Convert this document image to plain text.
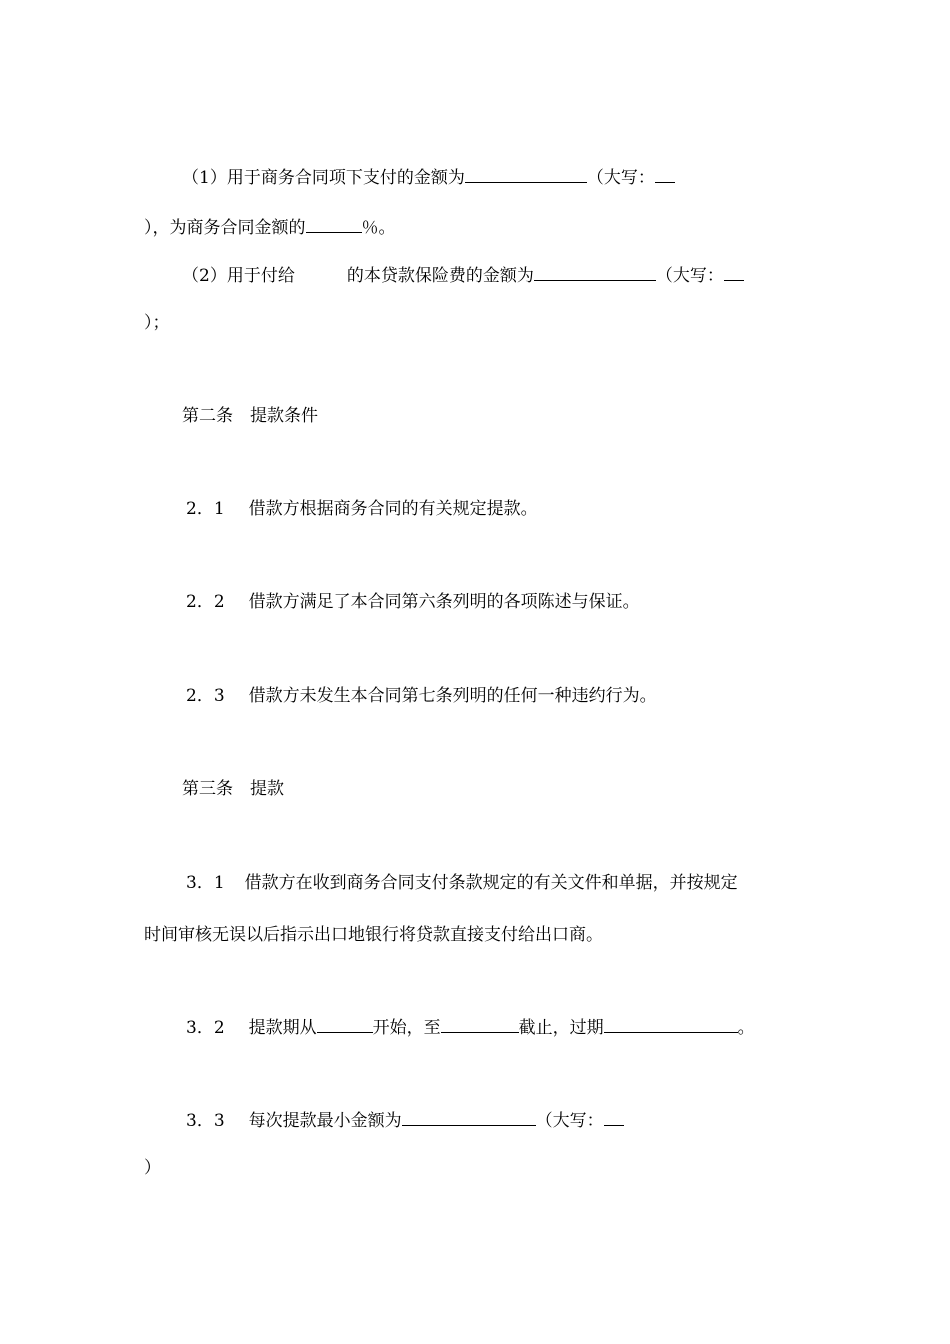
（1）用于商务合同项下支付的金额为	（大写：
），为商务合同金额的	％。
（2）用于付给	的本贷款保险费的金额为	（大写：
）；
第二条　提款条件
2．1 借款方根据商务合同的有关规定提款。
2．2 借款方满足了本合同第六条列明的各项陈述与保证。
2．3 借款方未发生本合同第七条列明的任何一种违约行为。
第三条　提款
3．1 借款方在收到商务合同支付条款规定的有关文件和单据，并按规定
时间审核无误以后指示出口地银行将贷款直接支付给出口商。
3．2 提款期从	开始，至	截止，过期	。
3．3 每次提款最小金额为	（大写：
）
